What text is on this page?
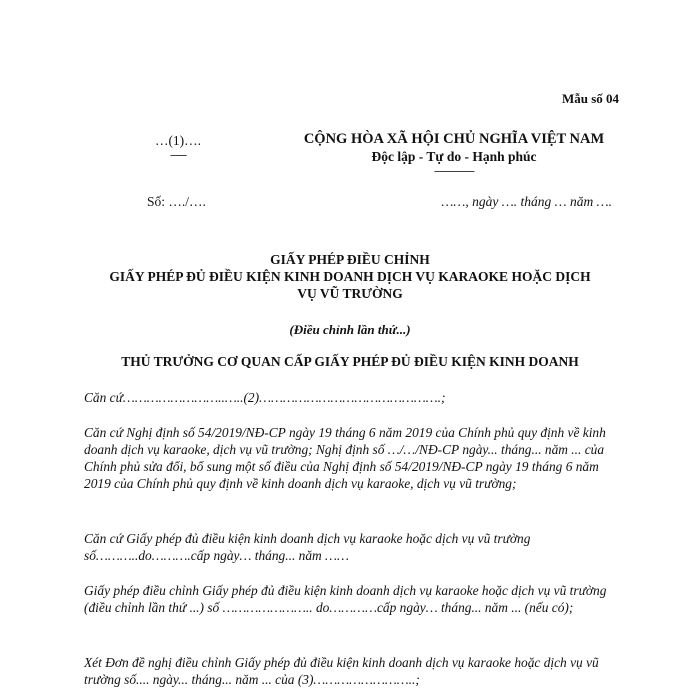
Mẫu số 04
…(1)….
------
CỘNG HÒA XÃ HỘI CHỦ NGHĨA VIỆT NAM
Độc lập - Tự do - Hạnh phúc
---------------
Số: …./….	……, ngày …. tháng … năm ….
GIẤY PHÉP ĐIỀU CHỈNH
GIẤY PHÉP ĐỦ ĐIỀU KIỆN KINH DOANH DỊCH VỤ KARAOKE HOẶC DỊCH
VỤ VŨ TRƯỜNG
(Điều chỉnh lần thứ...)
THỦ TRƯỞNG CƠ QUAN CẤP GIẤY PHÉP ĐỦ ĐIỀU KIỆN KINH DOANH
Căn cứ……………………..…..(2)……………………………………….;
Căn cứ Nghị định số 54/2019/NĐ-CP ngày 19 tháng 6 năm 2019 của Chính phủ quy định về kinh doanh dịch vụ karaoke, dịch vụ vũ trường; Nghị định số …/…/NĐ-CP ngày... tháng... năm ... của Chính phủ sửa đổi, bổ sung một số điều của Nghị định số 54/2019/NĐ-CP ngày 19 tháng 6 năm 2019 của Chính phủ quy định về kinh doanh dịch vụ karaoke, dịch vụ vũ trường;
Căn cứ Giấy phép đủ điều kiện kinh doanh dịch vụ karaoke hoặc dịch vụ vũ trường số………..do……….cấp ngày… tháng... năm ……
Giấy phép điều chỉnh Giấy phép đủ điều kiện kinh doanh dịch vụ karaoke hoặc dịch vụ vũ trường (điều chỉnh lần thứ ...) số ………………….. do…………cấp ngày… tháng... năm ... (nếu có);
Xét Đơn đề nghị điều chỉnh Giấy phép đủ điều kiện kinh doanh dịch vụ karaoke hoặc dịch vụ vũ trường số.... ngày... tháng... năm ... của (3)……………………..;
